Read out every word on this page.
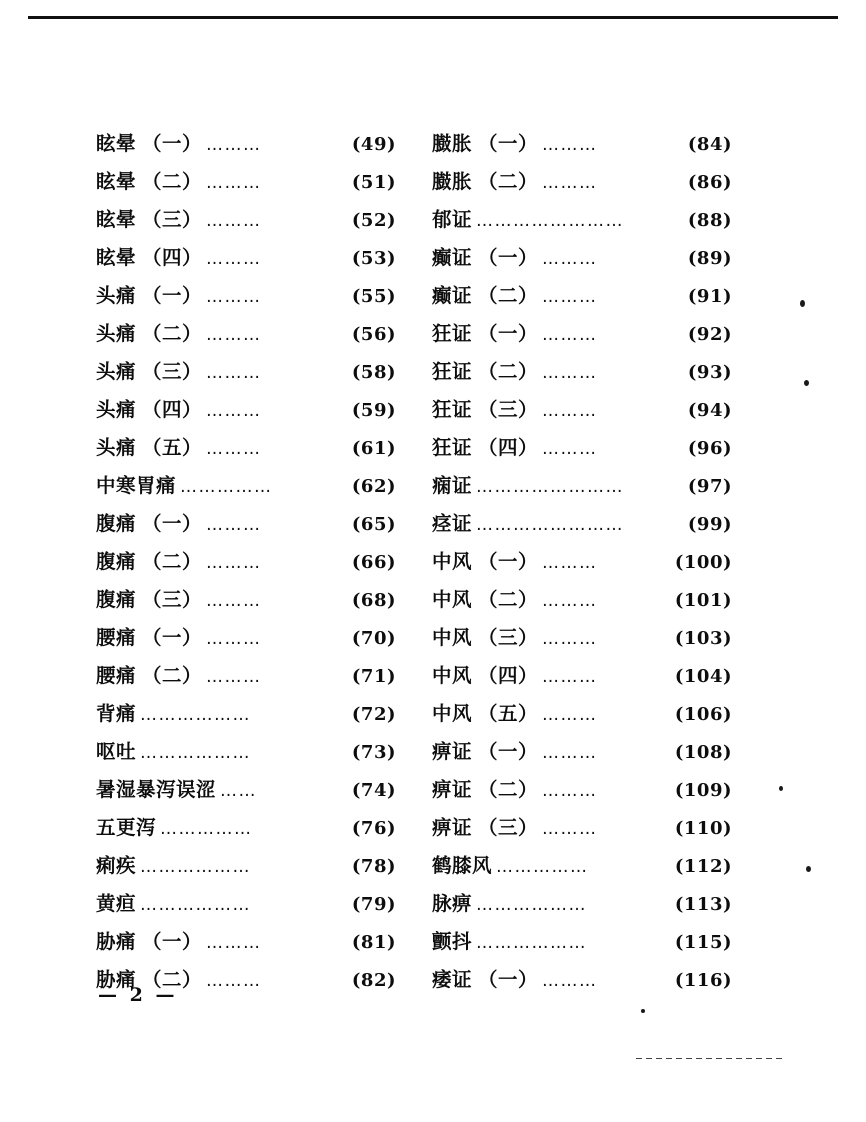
眩晕 （一） ………	(49)
眩晕 （二） ………	(51)
眩晕 （三） ………	(52)
眩晕 （四） ………	(53)
头痛 （一） ………	(55)
头痛 （二） ………	(56)
头痛 （三） ………	(58)
头痛 （四） ………	(59)
头痛 （五） ………	(61)
中寒胃痛 ……………	(62)
腹痛 （一） ………	(65)
腹痛 （二） ………	(66)
腹痛 （三） ………	(68)
腰痛 （一） ………	(70)
腰痛 （二） ………	(71)
背痛 ………………	(72)
呕吐 ………………	(73)
暑湿暴泻误涩 ……	(74)
五更泻 ……………	(76)
痢疾 ………………	(78)
黄疸 ………………	(79)
胁痛 （一） ………	(81)
胁痛 （二） ………	(82)
臌胀 （一） ………	(84)
臌胀 （二） ………	(86)
郁证 ……………………	(88)
癫证 （一） ………	(89)
癫证 （二） ………	(91)
狂证 （一） ………	(92)
狂证 （二） ………	(93)
狂证 （三） ………	(94)
狂证 （四） ………	(96)
痫证 ……………………	(97)
痉证 ……………………	(99)
中风 （一） ………	(100)
中风 （二） ………	(101)
中风 （三） ………	(103)
中风 （四） ………	(104)
中风 （五） ………	(106)
痹证 （一） ………	(108)
痹证 （二） ………	(109)
痹证 （三） ………	(110)
鹤膝风 ……………	(112)
脉痹 ………………	(113)
颤抖 ………………	(115)
痿证 （一） ………	(116)
— 2 —
